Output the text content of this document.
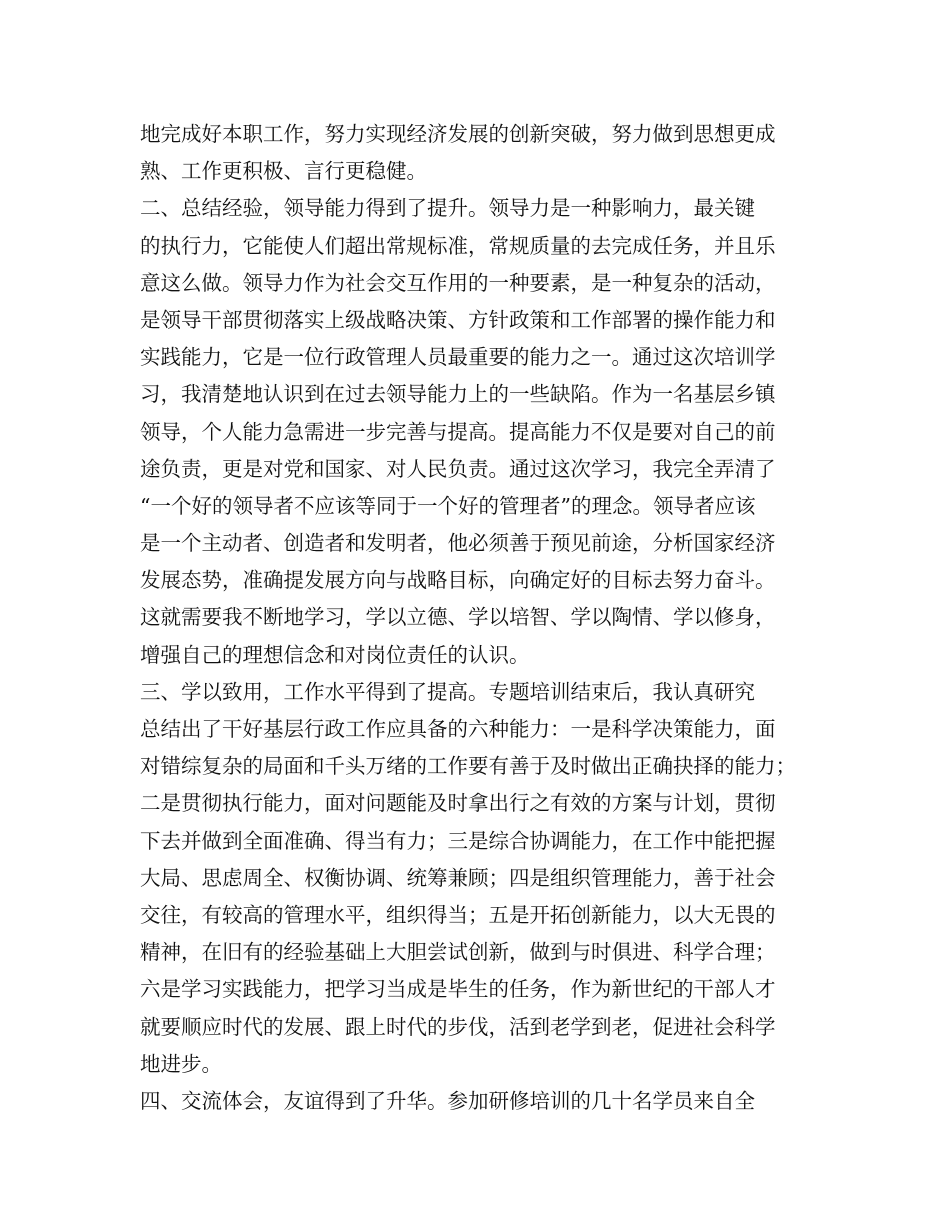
地完成好本职工作，努力实现经济发展的创新突破，努力做到思想更成
熟、工作更积极、言行更稳健。
二、总结经验，领导能力得到了提升。领导力是一种影响力，最关键
的执行力，它能使人们超出常规标准，常规质量的去完成任务，并且乐
意这么做。领导力作为社会交互作用的一种要素，是一种复杂的活动，
是领导干部贯彻落实上级战略决策、方针政策和工作部署的操作能力和
实践能力，它是一位行政管理人员最重要的能力之一。通过这次培训学
习，我清楚地认识到在过去领导能力上的一些缺陷。作为一名基层乡镇
领导，个人能力急需进一步完善与提高。提高能力不仅是要对自己的前
途负责，更是对党和国家、对人民负责。通过这次学习，我完全弄清了
“一个好的领导者不应该等同于一个好的管理者”的理念。领导者应该
是一个主动者、创造者和发明者，他必须善于预见前途，分析国家经济
发展态势，准确提发展方向与战略目标，向确定好的目标去努力奋斗。
这就需要我不断地学习，学以立德、学以培智、学以陶情、学以修身，
增强自己的理想信念和对岗位责任的认识。
三、学以致用，工作水平得到了提高。专题培训结束后，我认真研究
总结出了干好基层行政工作应具备的六种能力：一是科学决策能力，面
对错综复杂的局面和千头万绪的工作要有善于及时做出正确抉择的能力；
二是贯彻执行能力，面对问题能及时拿出行之有效的方案与计划，贯彻
下去并做到全面准确、得当有力；三是综合协调能力，在工作中能把握
大局、思虑周全、权衡协调、统筹兼顾；四是组织管理能力，善于社会
交往，有较高的管理水平，组织得当；五是开拓创新能力，以大无畏的
精神，在旧有的经验基础上大胆尝试创新，做到与时俱进、科学合理；
六是学习实践能力，把学习当成是毕生的任务，作为新世纪的干部人才
就要顺应时代的发展、跟上时代的步伐，活到老学到老，促进社会科学
地进步。
四、交流体会，友谊得到了升华。参加研修培训的几十名学员来自全
